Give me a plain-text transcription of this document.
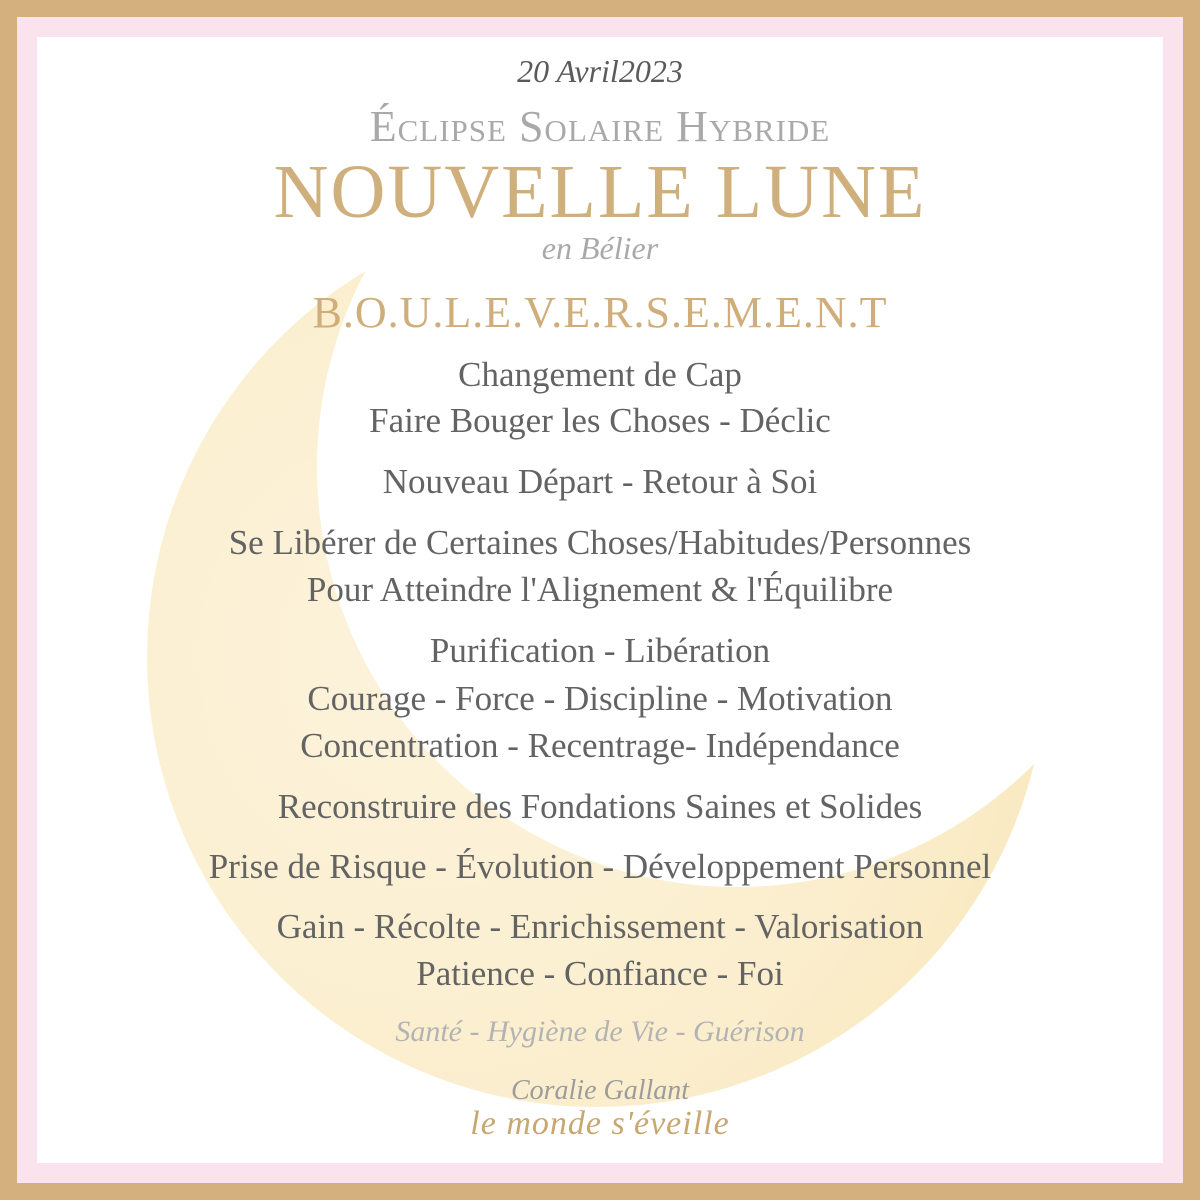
20 Avril2023
Éclipse Solaire Hybride
NOUVELLE LUNE
en Bélier
B.O.U.L.E.V.E.R.S.E.M.E.N.T
Changement de Cap
Faire Bouger les Choses - Déclic
Nouveau Départ - Retour à Soi
Se Libérer de Certaines Choses/Habitudes/Personnes
Pour Atteindre l'Alignement & l'Équilibre
Purification - Libération
Courage - Force - Discipline - Motivation
Concentration - Recentrage- Indépendance
Reconstruire des Fondations Saines et Solides
Prise de Risque - Évolution - Développement Personnel
Gain - Récolte - Enrichissement - Valorisation
Patience - Confiance - Foi
Santé - Hygiène de Vie - Guérison
Coralie Gallant
le monde s'éveille
